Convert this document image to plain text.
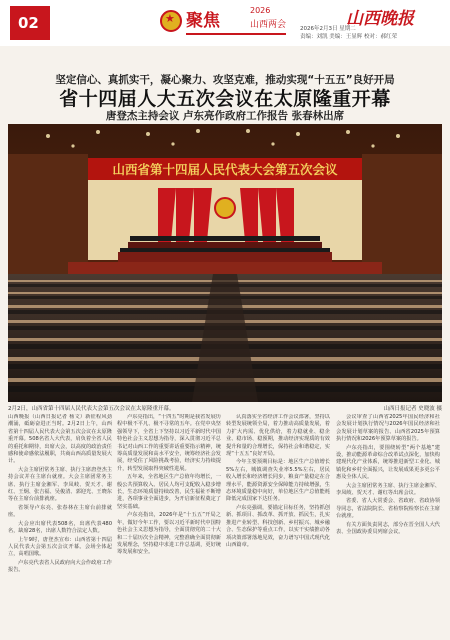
02
★	聚焦
2026
山西两会	山西晚报
2026年2月3日 星期二
责编：刘凯 美编：王显辉 校对：郝红荣
坚定信心、真抓实干，凝心聚力、攻坚克难，推动实现“十五五”良好开局
省十四届人大五次会议在太原隆重开幕
唐登杰主持会议 卢东亮作政府工作报告 张春林出席
山西省第十四届人民代表大会第五次会议
2月2日，山西省第十四届人民代表大会第五次会议在太原隆重开幕。	山西日报记者 史晓波 摄

山西晚报（山西日报记者 杨文）新征程风劲潮涌，砥砺奋进正当时。2月2日上午，山西省第十四届人民代表大会第五次会议在太原隆重开幕。508名省人大代表，肩负着全省人民的重托和期待，出席大会，以高度的政治责任感和使命感依法履职，共商山西高质量发展大计。

大会主席团常务主席、执行主席唐登杰主持会议并在主席台就座。大会主席团常务主席、执行主席金湘军、李凤岐、贺天才、谢红、王炯、张吉福、吴俊清、郭迎光、王晓东等在主席台前排就座。

省领导卢东亮、张春林在主席台前排就座。

大会应出席代表508名，出席代表480名，缺席28名，出席人数符合法定人数。

上午9时，唐登杰宣布：山西省第十四届人民代表大会第五次会议开幕。会场全体起立，高唱国歌。

卢东亮代表省人民政府向大会作政府工作报告。

卢东亮指出，“十四五”时期是我省发展历程中极不平凡、极不寻常的五年。在党中央坚强领导下，全省上下坚持以习近平新时代中国特色社会主义思想为指导，深入贯彻习近平总书记对山西工作的重要讲话重要指示精神，统筹高质量发展和高水平安全，统筹经济社会发展，经受住了风险挑战考验，经济实力持续提升，转型发展取得突破性进展。

五年来，全省地区生产总值年均增长，一般公共预算收入、居民人均可支配收入稳步增长，生态环境质量持续改善，民生福祉不断增进，各项事业全面进步，为开启新征程奠定了坚实基础。

卢东亮指出，2026年是“十五五”开局之年，做好今年工作，要以习近平新时代中国特色社会主义思想为指导，全面贯彻党的二十大和二十届历次全会精神，完整准确全面贯彻新发展理念，坚持稳中求进工作总基调，更好统筹发展和安全。

认真落实全省经济工作会议部署，坚持以转型发展统领全局，着力推动高质量发展，着力扩大内需、优化供给，着力稳就业、稳企业、稳市场、稳预期，推动经济实现质的有效提升和量的合理增长，保持社会和谐稳定，实现“十五五”良好开局。

今年主要预期目标是：地区生产总值增长5%左右，城镇调查失业率5.5%左右，居民收入增长和经济增长同步，粮食产量稳定在合理水平，能源资源安全保障能力持续增强，生态环境质量稳中向好，单位地区生产总值能耗降低完成国家下达任务。

卢东亮强调，要锚定目标任务，坚持抓创新、抓项目、抓改革、抓开放、抓民生，扎实推进产业转型、科技创新、乡村振兴、城乡融合、生态保护等重点工作，以实干实绩推动各项决策部署落地见效，奋力谱写中国式现代化山西篇章。

会议审查了山西省2025年国民经济和社会发展计划执行情况与2026年国民经济和社会发展计划草案的报告、山西省2025年预算执行情况和2026年预算草案的报告。

卢东亮指出，要围绕转型“两个基地”建设，推动能源革命综合改革试点深化，加快构建现代化产业体系，统筹推进新型工业化、城镇化和乡村全面振兴，让发展成果更多更公平惠及全体人民。

大会主席团常务主席、执行主席金湘军、李凤岐、贺天才、谢红等出席会议。

省委、省人大常委会、省政府、省政协领导同志，省法院院长、省检察院检察长在主席台就座。

有关方面负责同志，部分在晋全国人大代表、全国政协委员列席会议。
